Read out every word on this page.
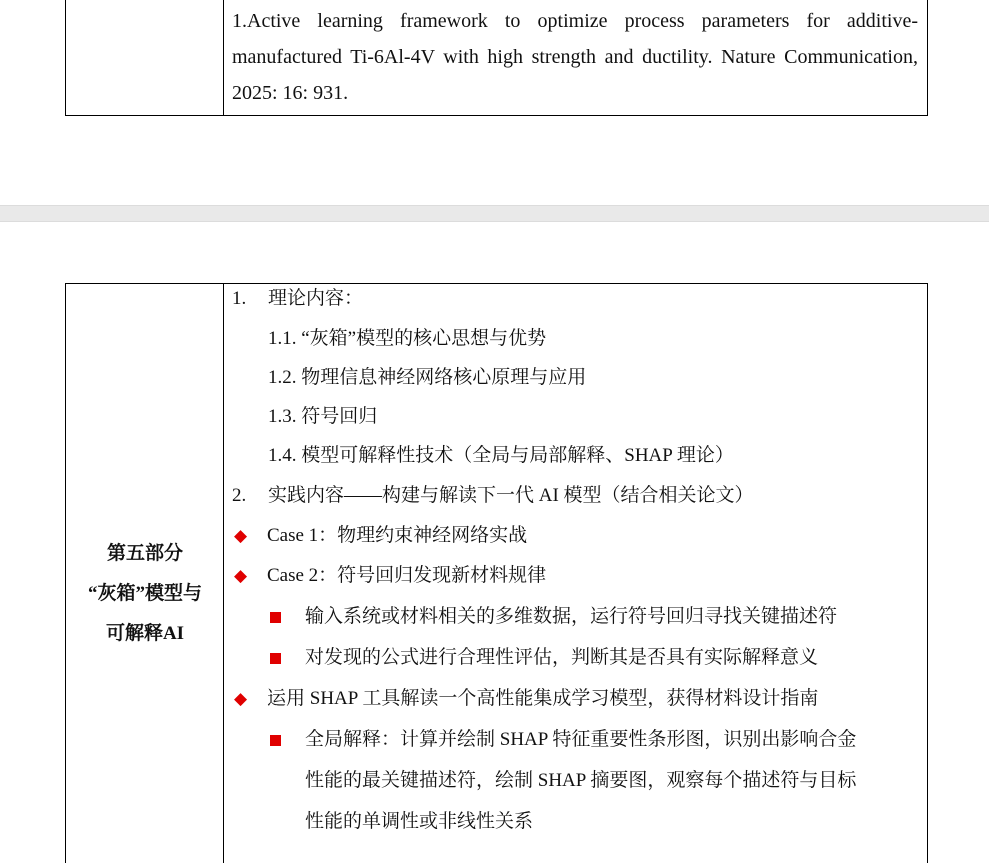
1.Active learning framework to optimize process parameters for additive-manufactured Ti-6Al-4V with high strength and ductility. Nature Communication, 2025: 16: 931.

第五部分
“灰箱”模型与
可解释AI
1. 理论内容：
1.1. “灰箱”模型的核心思想与优势
1.2. 物理信息神经网络核心原理与应用
1.3. 符号回归
1.4. 模型可解释性技术（全局与局部解释、SHAP 理论）
2. 实践内容——构建与解读下一代 AI 模型（结合相关论文）
◆ Case 1：物理约束神经网络实战
◆ Case 2：符号回归发现新材料规律
输入系统或材料相关的多维数据，运行符号回归寻找关键描述符
对发现的公式进行合理性评估，判断其是否具有实际解释意义
◆ 运用 SHAP 工具解读一个高性能集成学习模型，获得材料设计指南
全局解释：计算并绘制 SHAP 特征重要性条形图，识别出影响合金
性能的最关键描述符，绘制 SHAP 摘要图，观察每个描述符与目标
性能的单调性或非线性关系
